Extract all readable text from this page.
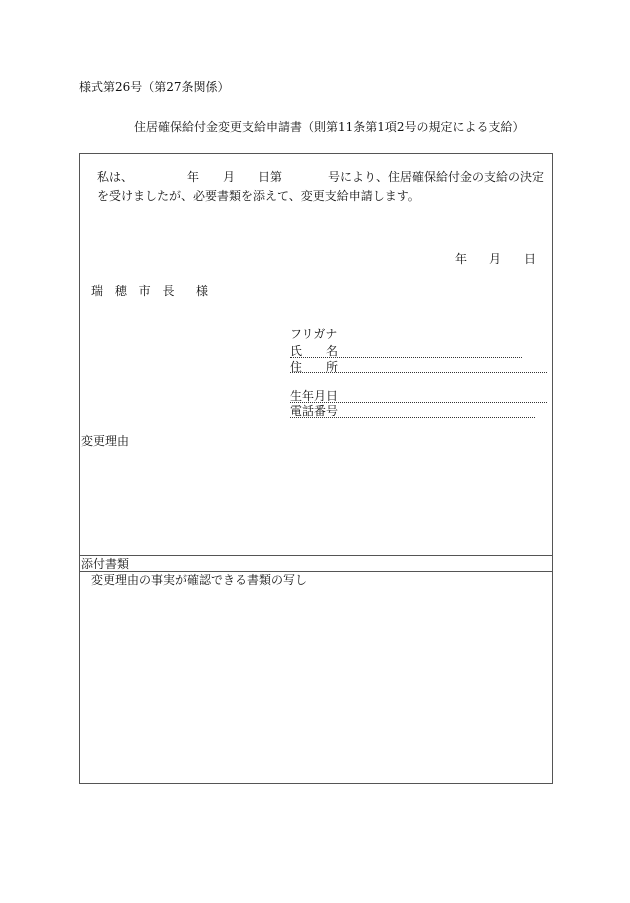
様式第26号（第27条関係）
住居確保給付金変更支給申請書（則第11条第1項2号の規定による支給）
私は、	年 月 日第	号により、住居確保給付金の支給の決定
を受けましたが、必要書類を添えて、変更支給申請します。
年 月 日
瑞 穂 市 長 様
フリガナ
氏　　名
住　　所
生年月日
電話番号
変更理由
添付書類
変更理由の事実が確認できる書類の写し
